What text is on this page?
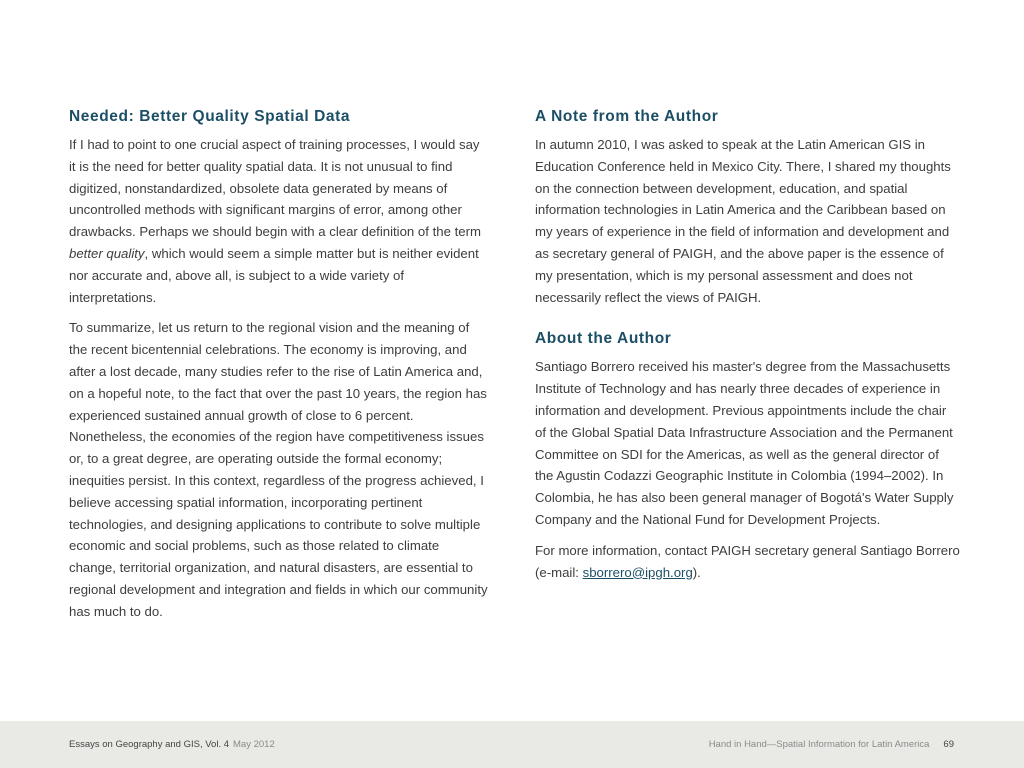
Needed: Better Quality Spatial Data

If I had to point to one crucial aspect of training processes, I would say it is the need for better quality spatial data. It is not unusual to find digitized, nonstandardized, obsolete data generated by means of uncontrolled methods with significant margins of error, among other drawbacks. Perhaps we should begin with a clear definition of the term better quality, which would seem a simple matter but is neither evident nor accurate and, above all, is subject to a wide variety of interpretations.

To summarize, let us return to the regional vision and the meaning of the recent bicentennial celebrations. The economy is improving, and after a lost decade, many studies refer to the rise of Latin America and, on a hopeful note, to the fact that over the past 10 years, the region has experienced sustained annual growth of close to 6 percent. Nonetheless, the economies of the region have competitiveness issues or, to a great degree, are operating outside the formal economy; inequities persist. In this context, regardless of the progress achieved, I believe accessing spatial information, incorporating pertinent technologies, and designing applications to contribute to solve multiple economic and social problems, such as those related to climate change, territorial organization, and natural disasters, are essential to regional development and integration and fields in which our community has much to do.

A Note from the Author

In autumn 2010, I was asked to speak at the Latin American GIS in Education Conference held in Mexico City. There, I shared my thoughts on the connection between development, education, and spatial information technologies in Latin America and the Caribbean based on my years of experience in the field of information and development and as secretary general of PAIGH, and the above paper is the essence of my presentation, which is my personal assessment and does not necessarily reflect the views of PAIGH.

About the Author

Santiago Borrero received his master's degree from the Massachusetts Institute of Technology and has nearly three decades of experience in information and development. Previous appointments include the chair of the Global Spatial Data Infrastructure Association and the Permanent Committee on SDI for the Americas, as well as the general director of the Agustin Codazzi Geographic Institute in Colombia (1994–2002). In Colombia, he has also been general manager of Bogotá's Water Supply Company and the National Fund for Development Projects.

For more information, contact PAIGH secretary general Santiago Borrero (e-mail: sborrero@ipgh.org).

Essays on Geography and GIS, Vol. 4 May 2012	Hand in Hand—Spatial Information for Latin America 69
